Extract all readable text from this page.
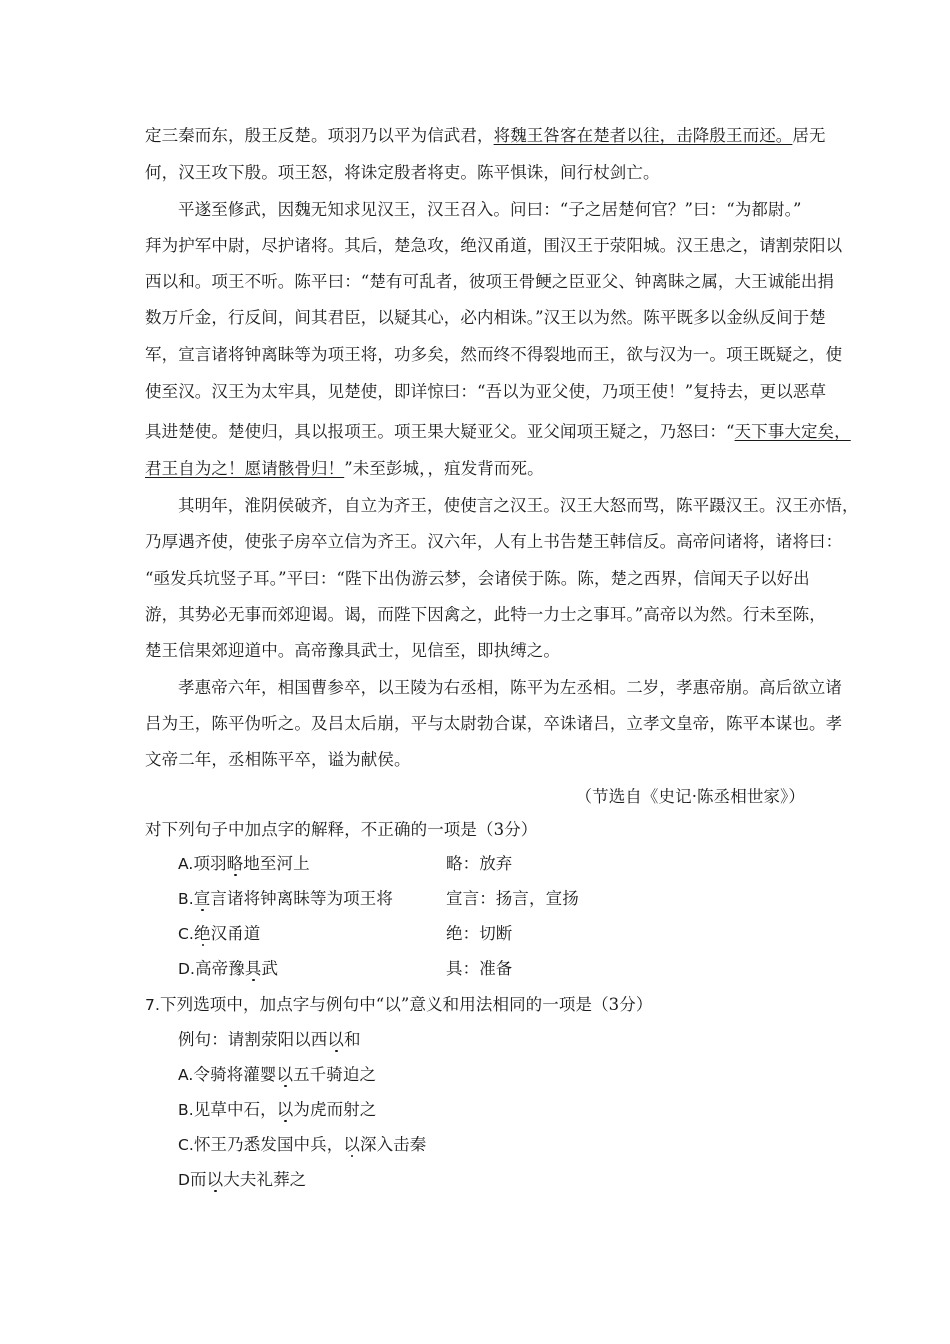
定三秦而东，殷王反楚。项羽乃以平为信武君，将魏王咎客在楚者以往，击降殷王而还。居无
何，汉王攻下殷。项王怒，将诛定殷者将吏。陈平惧诛，间行杖剑亡。
平遂至修武，因魏无知求见汉王，汉王召入。问曰：“子之居楚何官？”曰：“为都尉。”
拜为护军中尉，尽护诸将。其后，楚急攻，绝汉甬道，围汉王于荥阳城。汉王患之，请割荥阳以
西以和。项王不听。陈平曰：“楚有可乱者，彼项王骨鲠之臣亚父、钟离眛之属，大王诚能出捐
数万斤金，行反间，间其君臣，以疑其心，必内相诛。”汉王以为然。陈平既多以金纵反间于楚
军，宣言诸将钟离眛等为项王将，功多矣，然而终不得裂地而王，欲与汉为一。项王既疑之，使
使至汉。汉王为太牢具，见楚使，即详惊曰：“吾以为亚父使，乃项王使！”复持去，更以恶草
具进楚使。楚使归，具以报项王。项王果大疑亚父。亚父闻项王疑之，乃怒曰：“天下事大定矣，
君王自为之！愿请骸骨归！”未至彭城，，疽发背而死。
其明年，淮阴侯破齐，自立为齐王，使使言之汉王。汉王大怒而骂，陈平蹑汉王。汉王亦悟，
乃厚遇齐使，使张子房卒立信为齐王。汉六年，人有上书告楚王韩信反。高帝问诸将，诸将曰：
“亟发兵坑竖子耳。”平曰：“陛下出伪游云梦，会诸侯于陈。陈，楚之西界，信闻天子以好出
游，其势必无事而郊迎谒。谒，而陛下因禽之，此特一力士之事耳。”高帝以为然。行未至陈，
楚王信果郊迎道中。高帝豫具武士，见信至，即执缚之。
孝惠帝六年，相国曹参卒，以王陵为右丞相，陈平为左丞相。二岁，孝惠帝崩。高后欲立诸
吕为王，陈平伪听之。及吕太后崩，平与太尉勃合谋，卒诛诸吕，立孝文皇帝，陈平本谋也。孝
文帝二年，丞相陈平卒，谥为献侯。
（节选自《史记·陈丞相世家》）
对下列句子中加点字的解释，不正确的一项是（3分）
A.项羽略地至河上	略：放弃
B.宣言诸将钟离眛等为项王将	宣言：扬言，宣扬
C.绝汉甬道	绝：切断
D.高帝豫具武	具：准备
7.下列选项中，加点字与例句中“以”意义和用法相同的一项是（3分）
例句：请割荥阳以西以和
A.令骑将灌婴以五千骑迫之
B.见草中石，以为虎而射之
C.怀王乃悉发国中兵，以深入击秦
D而以大夫礼葬之
